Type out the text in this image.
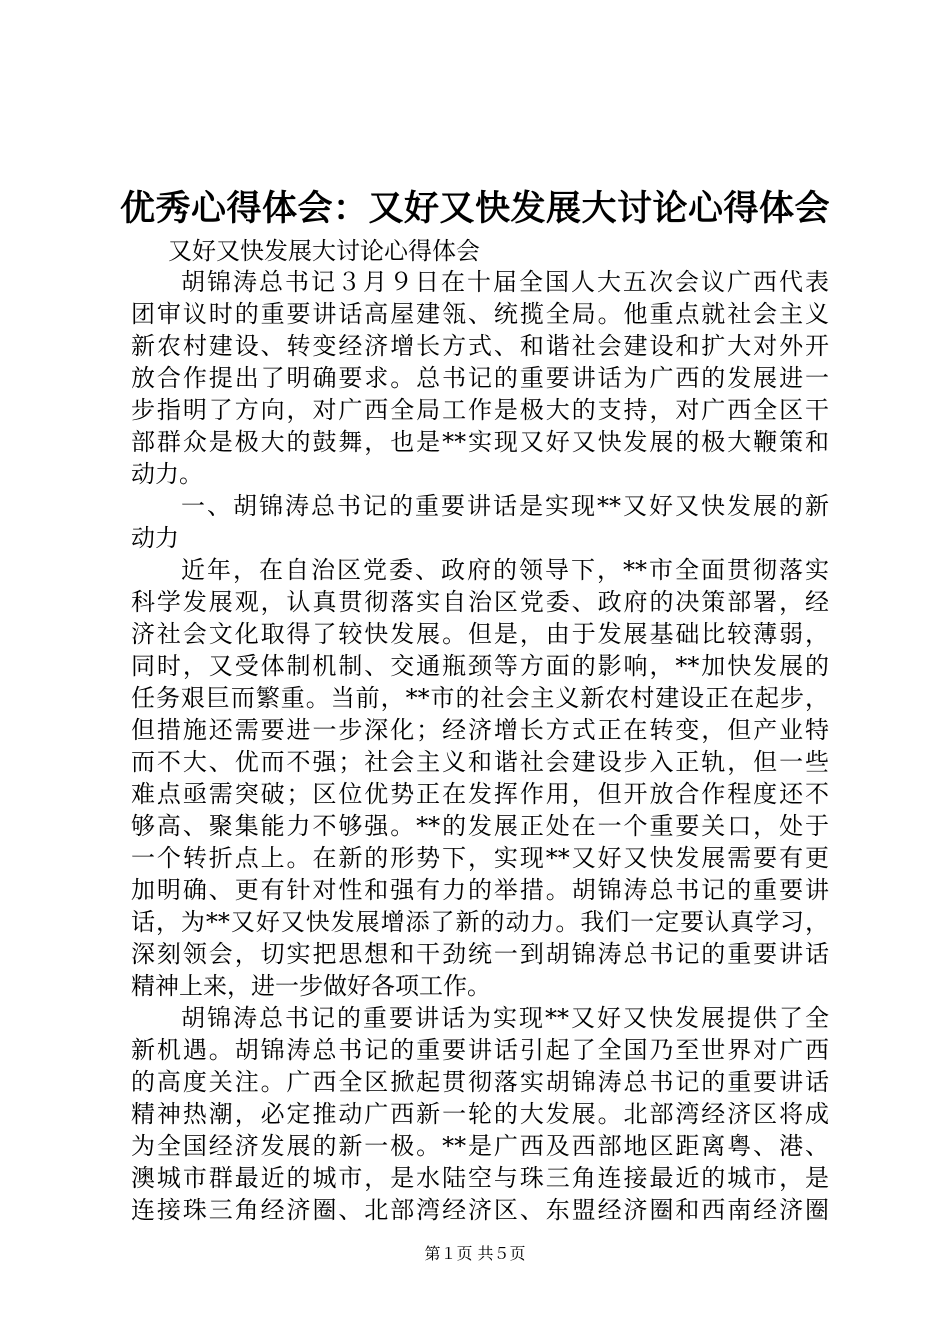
优秀心得体会：又好又快发展大讨论心得体会

又好又快发展大讨论心得体会

胡锦涛总书记３月９日在十届全国人大五次会议广西代表
团审议时的重要讲话高屋建瓴、统揽全局。他重点就社会主义
新农村建设、转变经济增长方式、和谐社会建设和扩大对外开
放合作提出了明确要求。总书记的重要讲话为广西的发展进一
步指明了方向，对广西全局工作是极大的支持，对广西全区干
部群众是极大的鼓舞，也是**实现又好又快发展的极大鞭策和
动力。
一、胡锦涛总书记的重要讲话是实现**又好又快发展的新
动力
近年，在自治区党委、政府的领导下，**市全面贯彻落实
科学发展观，认真贯彻落实自治区党委、政府的决策部署，经
济社会文化取得了较快发展。但是，由于发展基础比较薄弱，
同时，又受体制机制、交通瓶颈等方面的影响，**加快发展的
任务艰巨而繁重。当前，**市的社会主义新农村建设正在起步，
但措施还需要进一步深化；经济增长方式正在转变，但产业特
而不大、优而不强；社会主义和谐社会建设步入正轨，但一些
难点亟需突破；区位优势正在发挥作用，但开放合作程度还不
够高、聚集能力不够强。**的发展正处在一个重要关口，处于
一个转折点上。在新的形势下，实现**又好又快发展需要有更
加明确、更有针对性和强有力的举措。胡锦涛总书记的重要讲
话，为**又好又快发展增添了新的动力。我们一定要认真学习，
深刻领会，切实把思想和干劲统一到胡锦涛总书记的重要讲话
精神上来，进一步做好各项工作。
胡锦涛总书记的重要讲话为实现**又好又快发展提供了全
新机遇。胡锦涛总书记的重要讲话引起了全国乃至世界对广西
的高度关注。广西全区掀起贯彻落实胡锦涛总书记的重要讲话
精神热潮，必定推动广西新一轮的大发展。北部湾经济区将成
为全国经济发展的新一极。**是广西及西部地区距离粤、港、
澳城市群最近的城市，是水陆空与珠三角连接最近的城市，是
连接珠三角经济圈、北部湾经济区、东盟经济圈和西南经济圈
第１页 共５页
